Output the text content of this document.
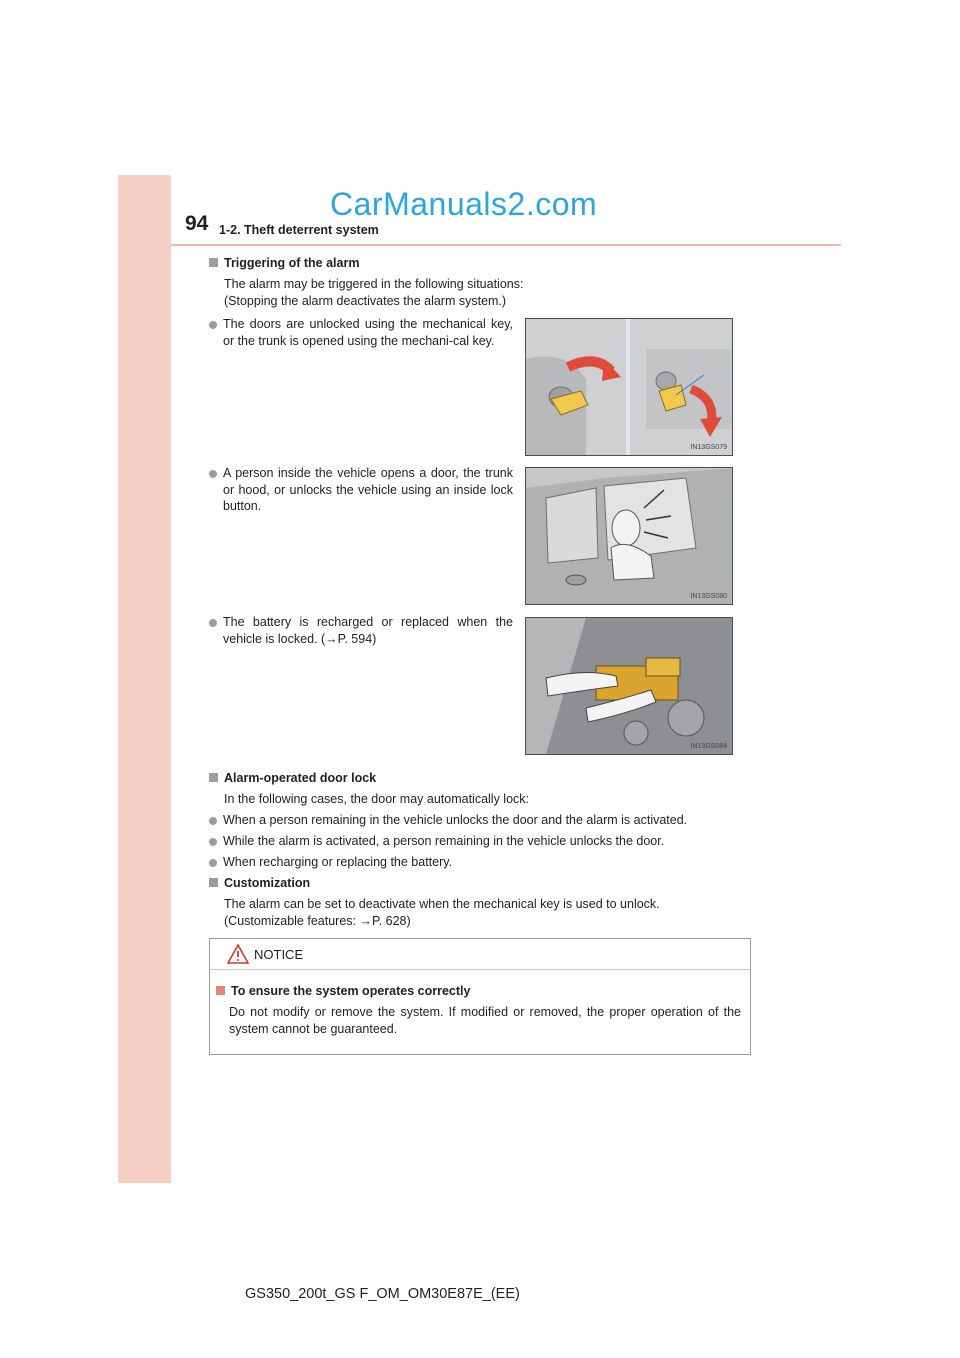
94 1-2. Theft deterrent system
CarManuals2.com
Triggering of the alarm
The alarm may be triggered in the following situations:
(Stopping the alarm deactivates the alarm system.)
The doors are unlocked using the mechanical key, or the trunk is opened using the mechani-cal key.
IN13GS079
A person inside the vehicle opens a door, the trunk or hood, or unlocks the vehicle using an inside lock button.
IN13GS080
The battery is recharged or replaced when the vehicle is locked. (→P. 594)
IN13GS084
Alarm-operated door lock
In the following cases, the door may automatically lock:
When a person remaining in the vehicle unlocks the door and the alarm is activated.
While the alarm is activated, a person remaining in the vehicle unlocks the door.
When recharging or replacing the battery.
Customization
The alarm can be set to deactivate when the mechanical key is used to unlock.
(Customizable features: →P. 628)
NOTICE
To ensure the system operates correctly
Do not modify or remove the system. If modified or removed, the proper operation of the system cannot be guaranteed.
GS350_200t_GS F_OM_OM30E87E_(EE)
